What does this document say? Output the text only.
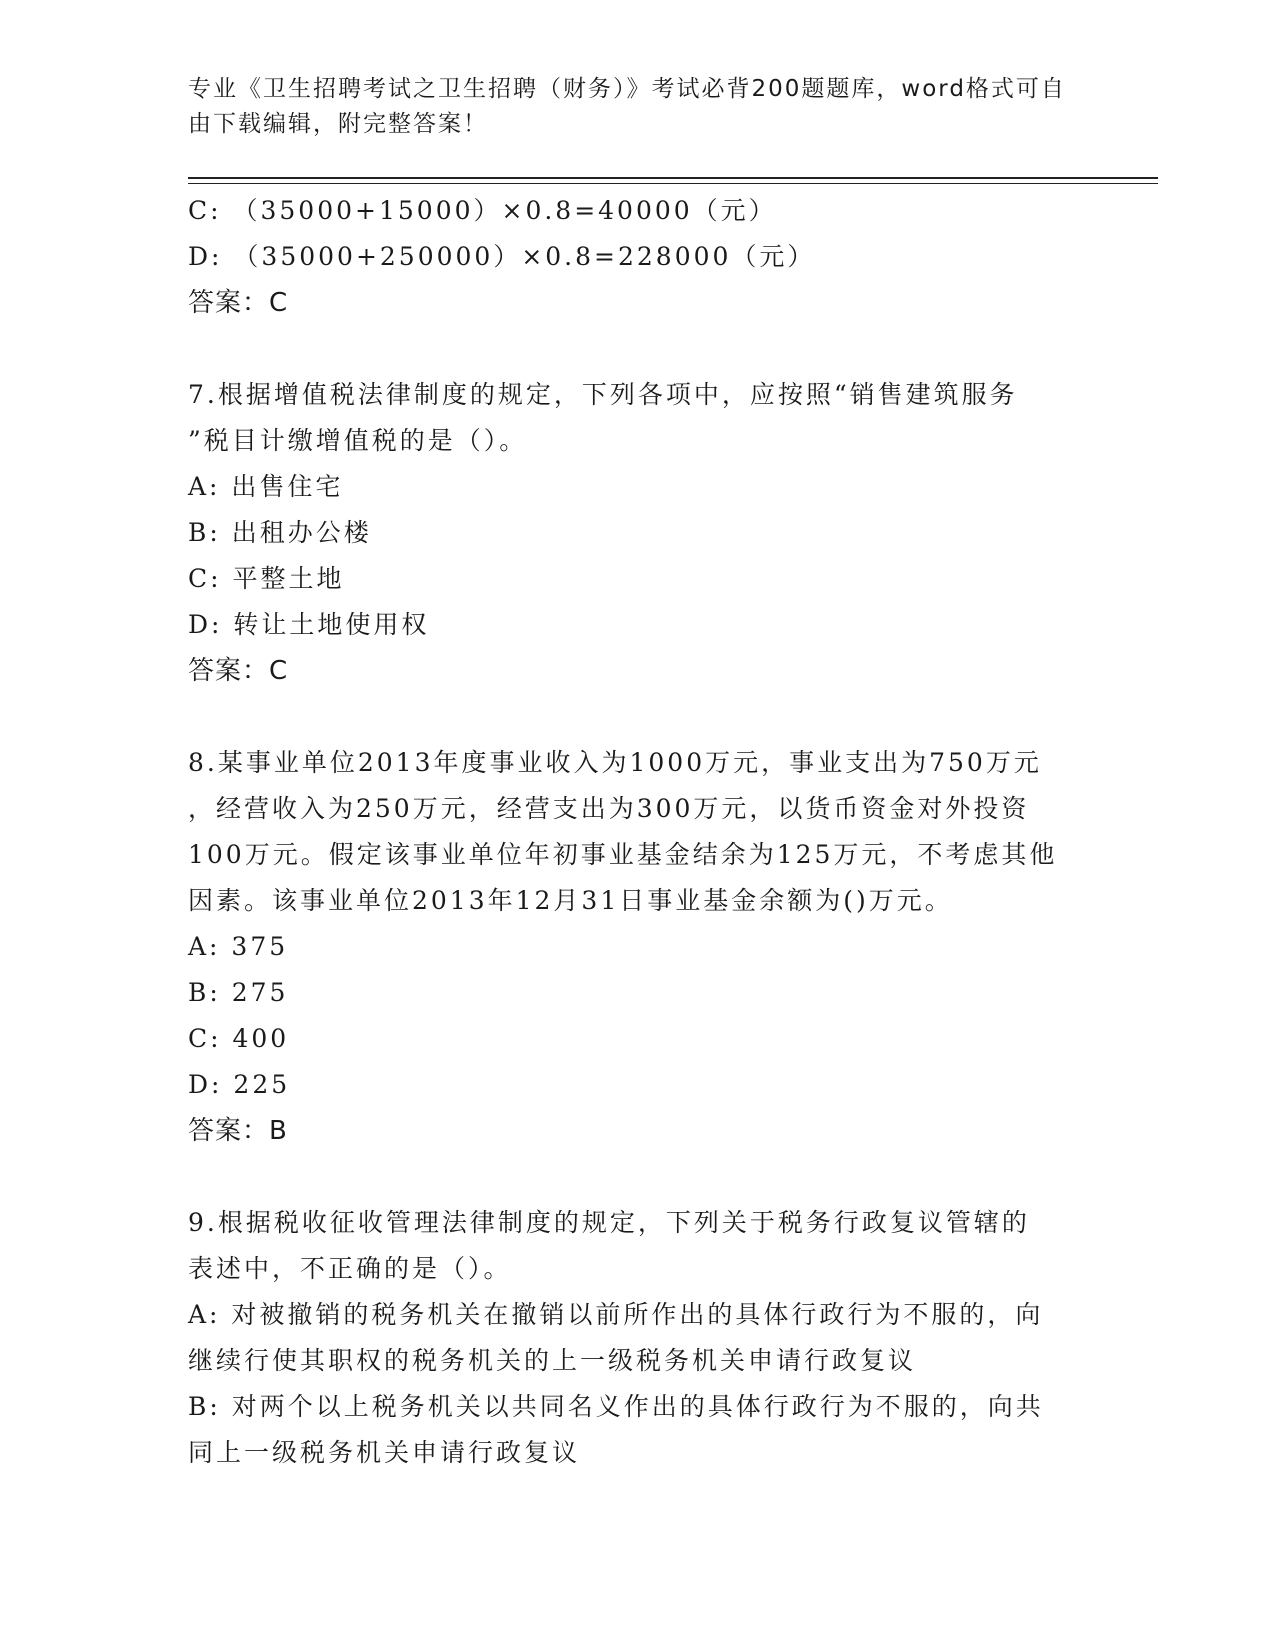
专业《卫生招聘考试之卫生招聘（财务）》考试必背200题题库，word格式可自
由下载编辑，附完整答案！
C: （35000+15000）×0.8=40000（元）
D: （35000+250000）×0.8=228000（元）
答案：C
7.根据增值税法律制度的规定，下列各项中，应按照“销售建筑服务
”税目计缴增值税的是（）。
A: 出售住宅
B: 出租办公楼
C: 平整土地
D: 转让土地使用权
答案：C
8.某事业单位2013年度事业收入为1000万元，事业支出为750万元
，经营收入为250万元，经营支出为300万元，以货币资金对外投资
100万元。假定该事业单位年初事业基金结余为125万元，不考虑其他
因素。该事业单位2013年12月31日事业基金余额为()万元。
A: 375
B: 275
C: 400
D: 225
答案：B
9.根据税收征收管理法律制度的规定，下列关于税务行政复议管辖的
表述中，不正确的是（）。
A: 对被撤销的税务机关在撤销以前所作出的具体行政行为不服的，向
继续行使其职权的税务机关的上一级税务机关申请行政复议
B: 对两个以上税务机关以共同名义作出的具体行政行为不服的，向共
同上一级税务机关申请行政复议
